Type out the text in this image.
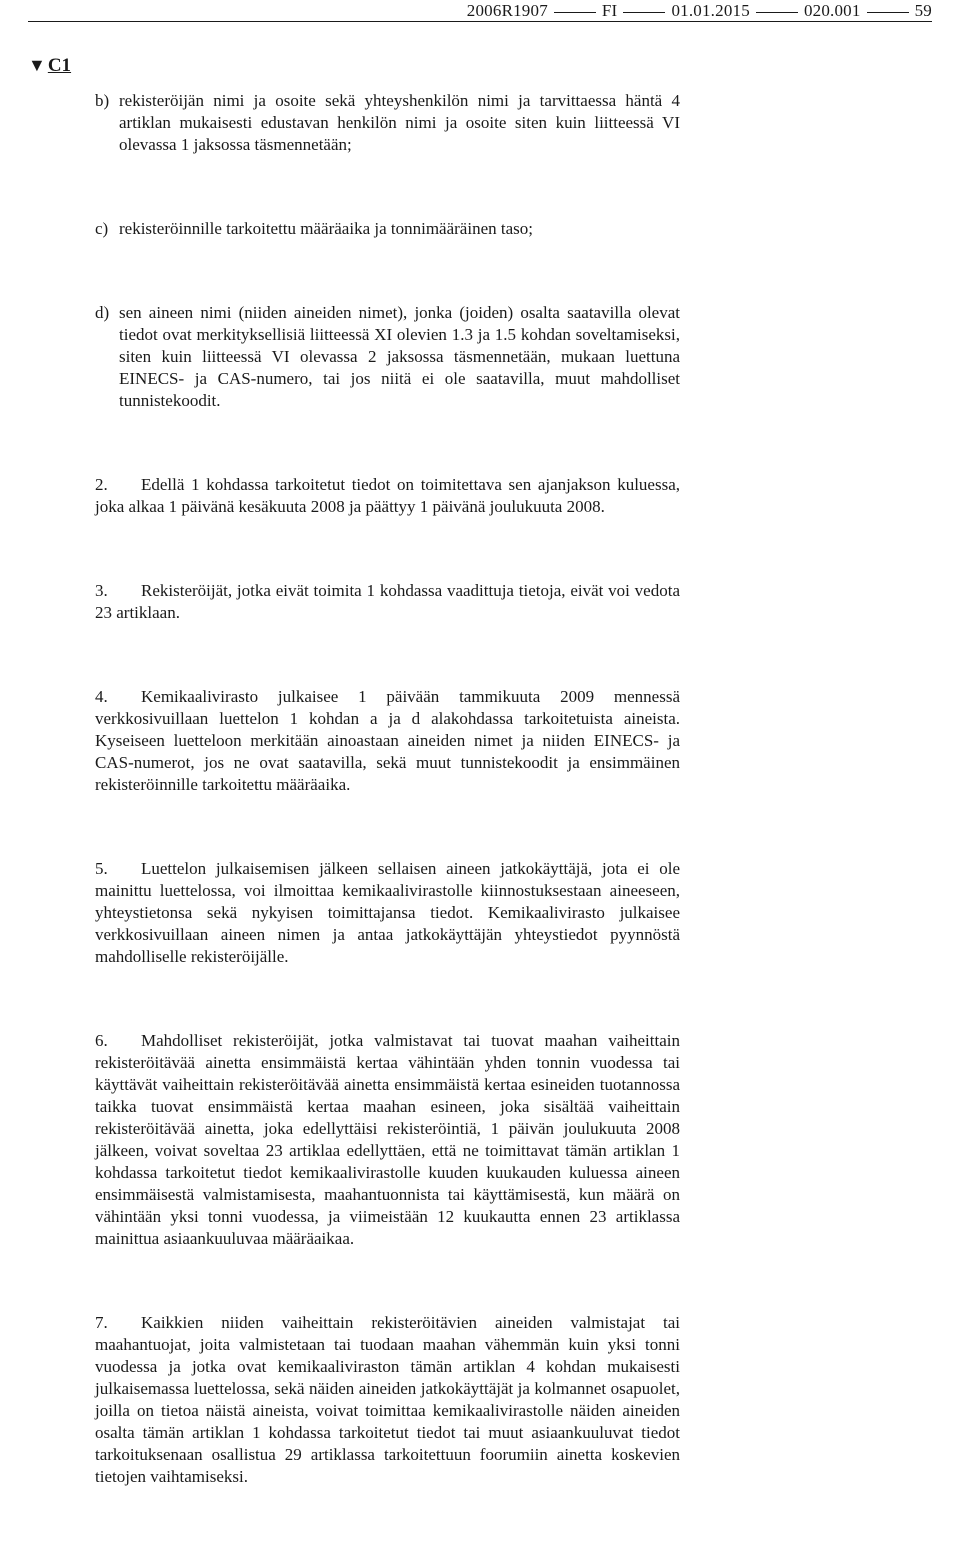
2006R1907	FI	01.01.2015	020.001	59
▼ C1
b) rekisteröijän nimi ja osoite sekä yhteyshenkilön nimi ja tarvittaessa häntä 4 artiklan mukaisesti edustavan henkilön nimi ja osoite siten kuin liitteessä VI olevassa 1 jaksossa täsmennetään;

c) rekisteröinnille tarkoitettu määräaika ja tonnimääräinen taso;

d) sen aineen nimi (niiden aineiden nimet), jonka (joiden) osalta saatavilla olevat tiedot ovat merkityksellisiä liitteessä XI olevien 1.3 ja 1.5 kohdan soveltamiseksi, siten kuin liitteessä VI olevassa 2 jaksossa täsmennetään, mukaan luettuna EINECS- ja CAS-numero, tai jos niitä ei ole saatavilla, muut mahdolliset tunnistekoodit.

2. Edellä 1 kohdassa tarkoitetut tiedot on toimitettava sen ajanjakson kuluessa, joka alkaa 1 päivänä kesäkuuta 2008 ja päättyy 1 päivänä joulukuuta 2008.

3. Rekisteröijät, jotka eivät toimita 1 kohdassa vaadittuja tietoja, eivät voi vedota 23 artiklaan.

4. Kemikaalivirasto julkaisee 1 päivään tammikuuta 2009 mennessä verkkosivuillaan luettelon 1 kohdan a ja d alakohdassa tarkoitetuista aineista. Kyseiseen luetteloon merkitään ainoastaan aineiden nimet ja niiden EINECS- ja CAS-numerot, jos ne ovat saatavilla, sekä muut tunnistekoodit ja ensimmäinen rekisteröinnille tarkoitettu määräaika.

5. Luettelon julkaisemisen jälkeen sellaisen aineen jatkokäyttäjä, jota ei ole mainittu luettelossa, voi ilmoittaa kemikaalivirastolle kiinnostuksestaan aineeseen, yhteystietonsa sekä nykyisen toimittajansa tiedot. Kemikaalivirasto julkaisee verkkosivuillaan aineen nimen ja antaa jatkokäyttäjän yhteystiedot pyynnöstä mahdolliselle rekisteröijälle.

6. Mahdolliset rekisteröijät, jotka valmistavat tai tuovat maahan vaiheittain rekisteröitävää ainetta ensimmäistä kertaa vähintään yhden tonnin vuodessa tai käyttävät vaiheittain rekisteröitävää ainetta ensimmäistä kertaa esineiden tuotannossa taikka tuovat ensimmäistä kertaa maahan esineen, joka sisältää vaiheittain rekisteröitävää ainetta, joka edellyttäisi rekisteröintiä, 1 päivän joulukuuta 2008 jälkeen, voivat soveltaa 23 artiklaa edellyttäen, että ne toimittavat tämän artiklan 1 kohdassa tarkoitetut tiedot kemikaalivirastolle kuuden kuukauden kuluessa aineen ensimmäisestä valmistamisesta, maahantuonnista tai käyttämisestä, kun määrä on vähintään yksi tonni vuodessa, ja viimeistään 12 kuukautta ennen 23 artiklassa mainittua asiaankuuluvaa määräaikaa.

7. Kaikkien niiden vaiheittain rekisteröitävien aineiden valmistajat tai maahantuojat, joita valmistetaan tai tuodaan maahan vähemmän kuin yksi tonni vuodessa ja jotka ovat kemikaaliviraston tämän artiklan 4 kohdan mukaisesti julkaisemassa luettelossa, sekä näiden aineiden jatkokäyttäjät ja kolmannet osapuolet, joilla on tietoa näistä aineista, voivat toimittaa kemikaalivirastolle näiden aineiden osalta tämän artiklan 1 kohdassa tarkoitetut tiedot tai muut asiaankuuluvat tiedot tarkoituksenaan osallistua 29 artiklassa tarkoitettuun foorumiin ainetta koskevien tietojen vaihtamiseksi.
